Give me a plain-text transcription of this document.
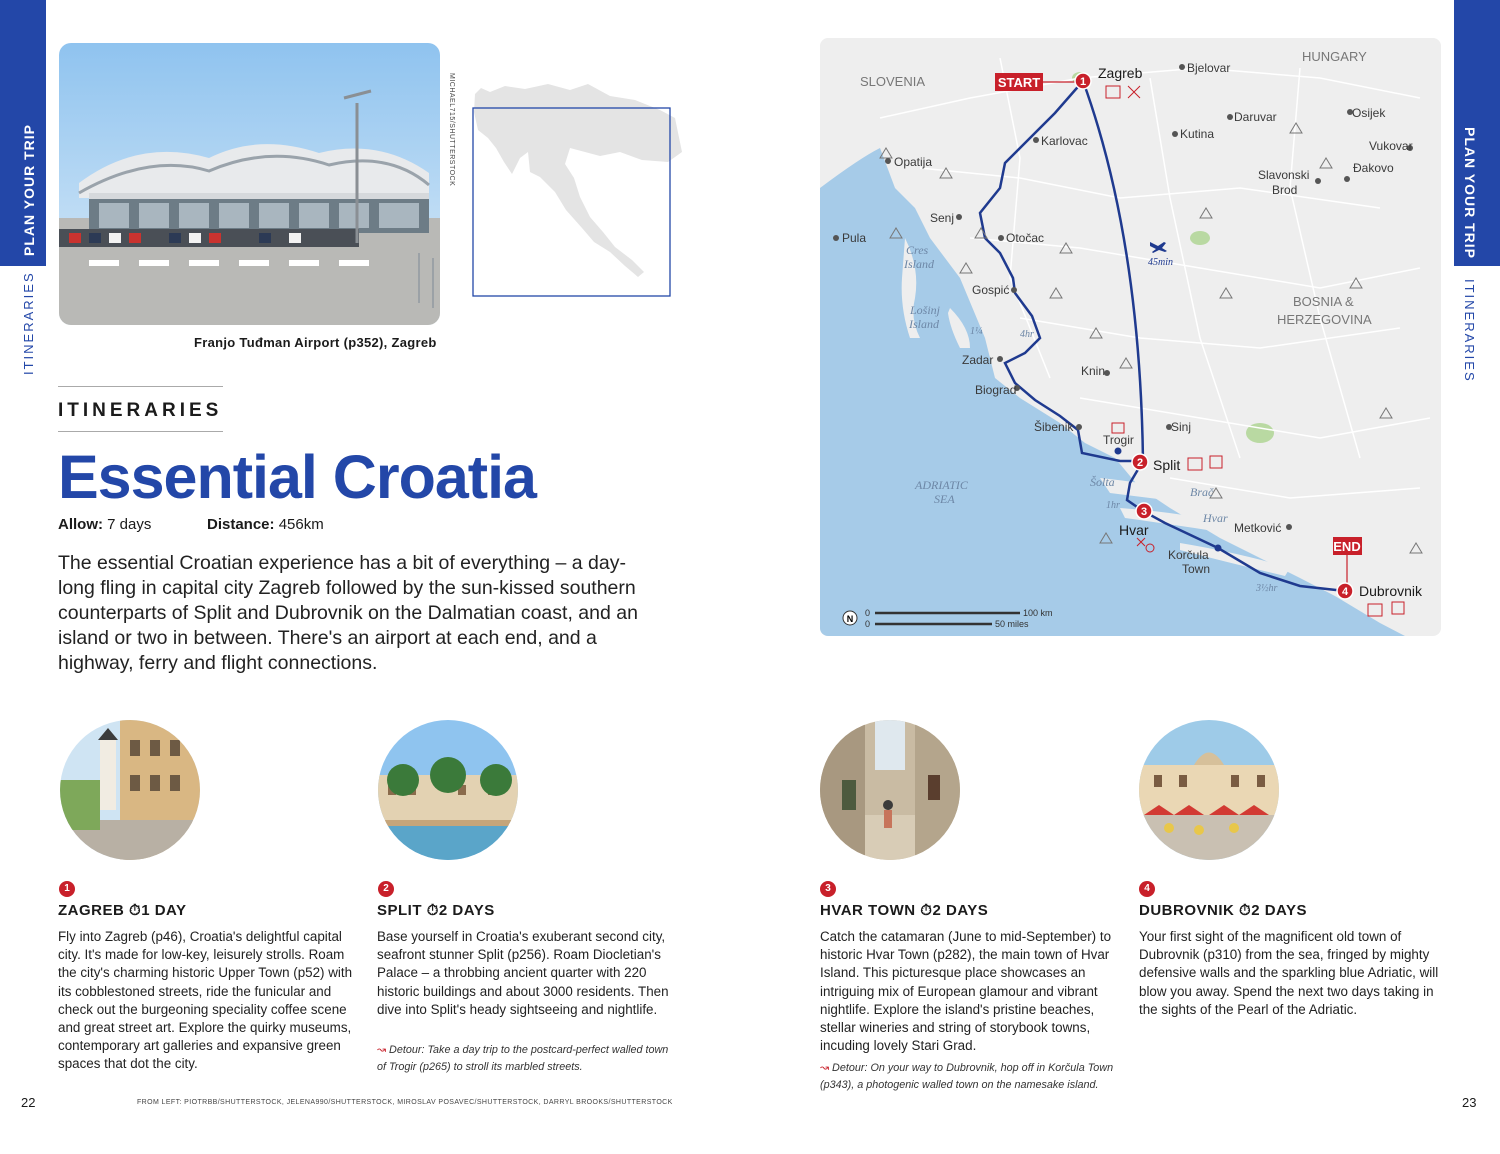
PLAN YOUR TRIP
ITINERARIES
PLAN YOUR TRIP
ITINERARIES
MICHAEL715/SHUTTERSTOCK
Franjo Tuđman Airport (p352), Zagreb
ITINERARIES
Essential Croatia
Allow: 7 days	Distance: 456km
The essential Croatian experience has a bit of everything – a day-long fling in capital city Zagreb followed by the sun-kissed southern counterparts of Split and Dubrovnik on the Dalmatian coast, and an island or two in between. There's an airport at each end, and a highway, ferry and flight connections.
SLOVENIA
HUNGARY
BOSNIA &
HERZEGOVINA
ADRIATIC
SEA
Cres
Island
Lošinj
Island
Šolta
Brač
Hvar
Bjelovar
Daruvar	Osijek
Kutina
Karlovac	Vukovar
Opatija
Slavonski
Brod
Đakovo
Senj
Otočac
Pula
Gospić
Zadar
Biograd
Knin
Šibenik
Trogir
Sinj
Metković
Zagreb
Split
Hvar
Korčula
Town
Dubrovnik
45min
4hr
1¼
1hr
3½hr
START
END
1
2
3
4
N
0
0
100 km
50 miles
1
ZAGREB ⏱1 DAY
Fly into Zagreb (p46), Croatia's delightful capital city. It's made for low-key, leisurely strolls. Roam the city's charming historic Upper Town (p52) with its cobblestoned streets, ride the funicular and check out the burgeoning speciality coffee scene and great street art. Explore the quirky museums, contemporary art galleries and expansive green spaces that dot the city.
2
SPLIT ⏱2 DAYS
Base yourself in Croatia's exuberant second city, seafront stunner Split (p256). Roam Diocletian's Palace – a throbbing ancient quarter with 220 historic buildings and about 3000 residents. Then dive into Split's heady sightseeing and nightlife.
↝ Detour: Take a day trip to the postcard-perfect walled town of Trogir (p265) to stroll its marbled streets.
3
HVAR TOWN ⏱2 DAYS
Catch the catamaran (June to mid-September) to historic Hvar Town (p282), the main town of Hvar Island. This picturesque place showcases an intriguing mix of European glamour and vibrant nightlife. Explore the island's pristine beaches, stellar wineries and string of storybook towns, incuding lovely Stari Grad.
↝ Detour: On your way to Dubrovnik, hop off in Korčula Town (p343), a photogenic walled town on the namesake island.
4
DUBROVNIK ⏱2 DAYS
Your first sight of the magnificent old town of Dubrovnik (p310) from the sea, fringed by mighty defensive walls and the sparkling blue Adriatic, will blow you away. Spend the next two days taking in the sights of the Pearl of the Adriatic.
22	FROM LEFT: PIOTRBB/SHUTTERSTOCK, JELENA990/SHUTTERSTOCK, MIROSLAV POSAVEC/SHUTTERSTOCK, DARRYL BROOKS/SHUTTERSTOCK	23
